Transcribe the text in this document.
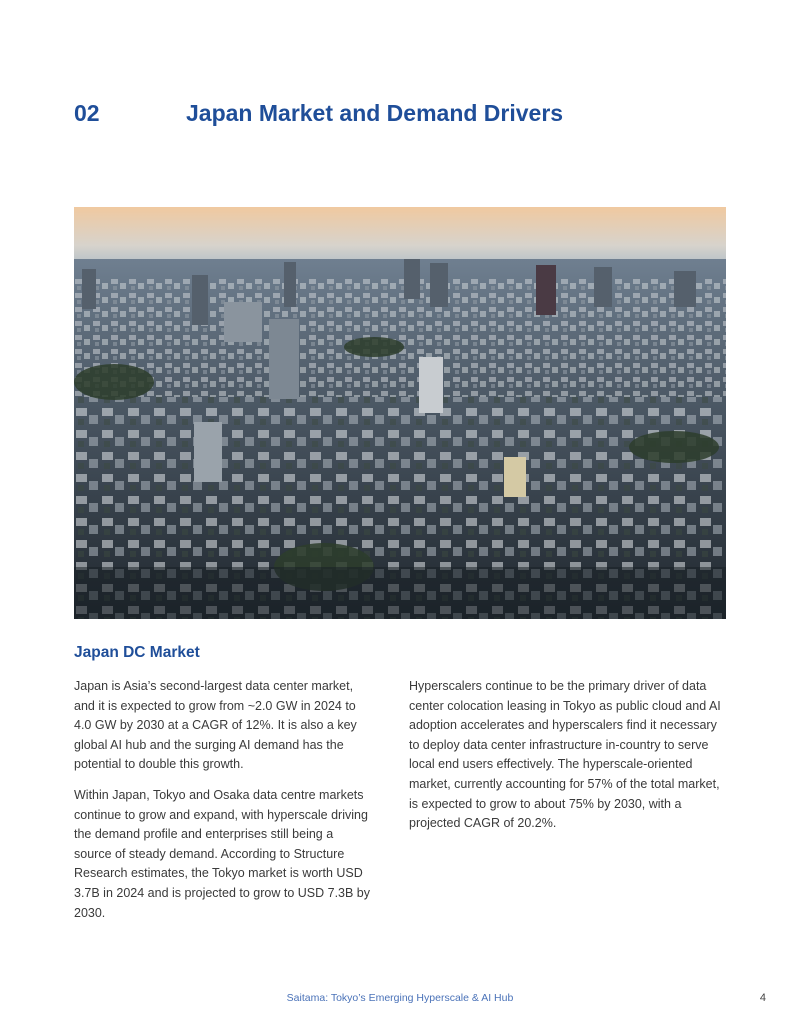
02	Japan Market and Demand Drivers
Japan DC Market

Japan is Asia’s second-largest data center market, and it is expected to grow from ~2.0 GW in 2024 to 4.0 GW by 2030 at a CAGR of 12%. It is also a key global AI hub and the surging AI demand has the potential to double this growth.

Within Japan, Tokyo and Osaka data centre markets continue to grow and expand, with hyperscale driving the demand profile and enterprises still being a source of steady demand. According to Structure Research estimates, the Tokyo market is worth USD 3.7B in 2024 and is projected to grow to USD 7.3B by 2030.

Hyperscalers continue to be the primary driver of data center colocation leasing in Tokyo as public cloud and AI adoption accelerates and hyperscalers find it necessary to deploy data center infrastructure in-country to serve local end users effectively. The hyperscale-oriented market, currently accounting for 57% of the total market, is expected to grow to about 75% by 2030, with a projected CAGR of 20.2%.

Saitama: Tokyo’s Emerging Hyperscale & AI Hub	4
